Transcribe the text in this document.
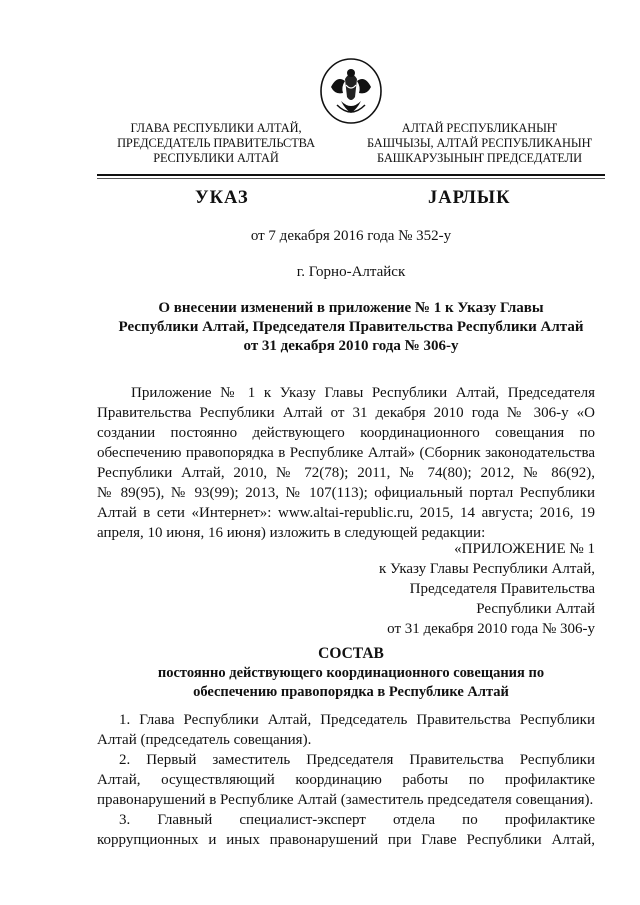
ГЛАВА РЕСПУБЛИКИ АЛТАЙ,
ПРЕДСЕДАТЕЛЬ ПРАВИТЕЛЬСТВА
РЕСПУБЛИКИ АЛТАЙ
АЛТАЙ РЕСПУБЛИКАНЫҤ
БАШЧЫЗЫ, АЛТАЙ РЕСПУБЛИКАНЫҤ
БАШКАРУЗЫНЫҤ ПРЕДСЕДАТЕЛИ
УКАЗ	JАРЛЫК
от 7 декабря 2016 года № 352-у
г. Горно-Алтайск
О внесении изменений в приложение № 1 к Указу Главы
Республики Алтай, Председателя Правительства Республики Алтай
от 31 декабря 2010 года № 306-у
Приложение № 1 к Указу Главы Республики Алтай, Председателя
Правительства Республики Алтай от 31 декабря 2010 года № 306-у «О
создании постоянно действующего координационного совещания по
обеспечению правопорядка в Республике Алтай» (Сборник законодательства
Республики Алтай, 2010, № 72(78); 2011, № 74(80); 2012, № 86(92),
№ 89(95), № 93(99); 2013, № 107(113); официальный портал Республики
Алтай в сети «Интернет»: www.altai-republic.ru, 2015, 14 августа; 2016, 19
апреля, 10 июня, 16 июня) изложить в следующей редакции:
«ПРИЛОЖЕНИЕ № 1
к Указу Главы Республики Алтай,
Председателя Правительства
Республики Алтай
от 31 декабря 2010 года № 306-у
СОСТАВ
постоянно действующего координационного совещания по
обеспечению правопорядка в Республике Алтай
1. Глава Республики Алтай, Председатель Правительства Республики
Алтай (председатель совещания).
2. Первый заместитель Председателя Правительства Республики
Алтай, осуществляющий координацию работы по профилактике
правонарушений в Республике Алтай (заместитель председателя совещания).
3. Главный специалист-эксперт отдела по профилактике
коррупционных и иных правонарушений при Главе Республики Алтай,
